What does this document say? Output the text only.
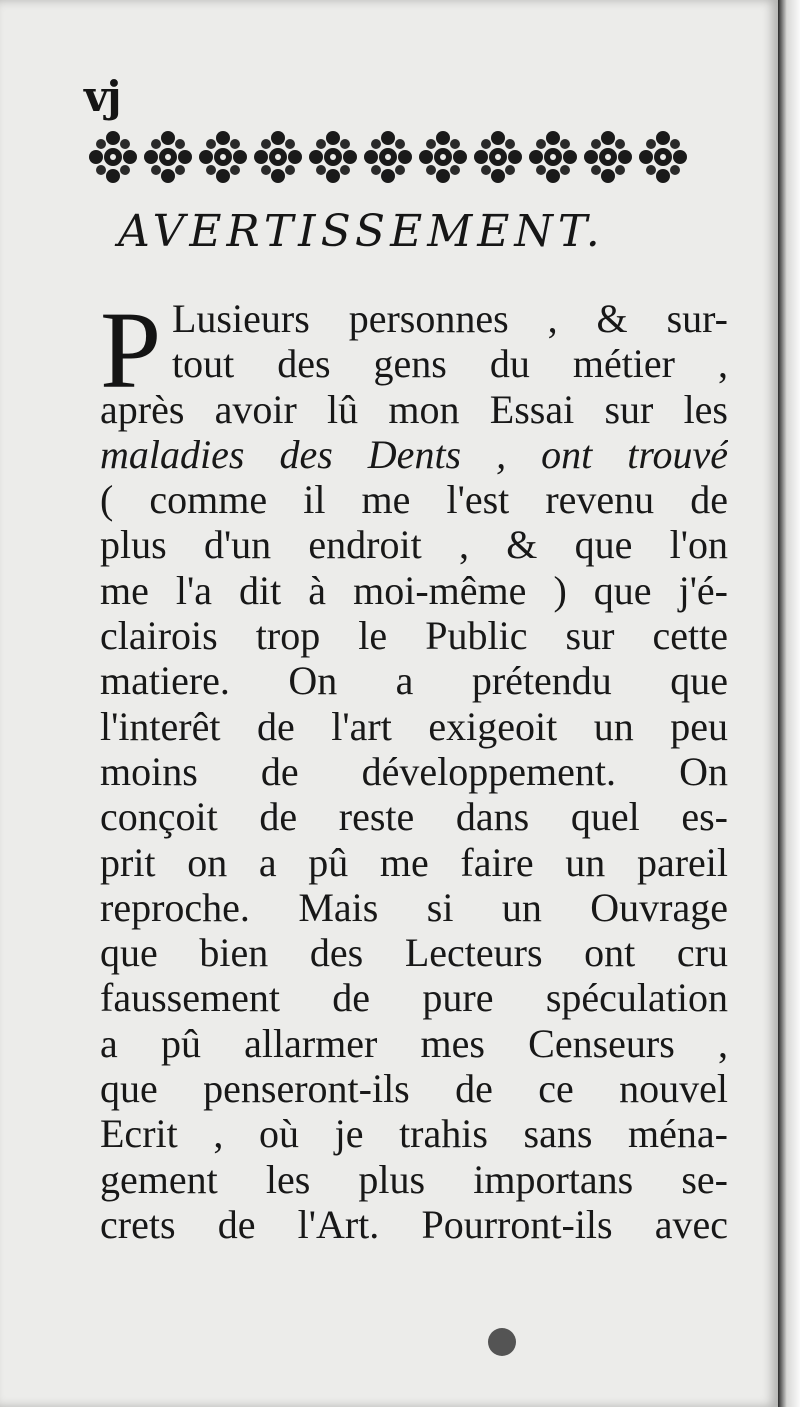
vj
AVERTISSEMENT.
P Lusieurs personnes , & sur-
tout des gens du métier ,
après avoir lû mon Essai sur les
maladies des Dents , ont trouvé
( comme il me l'est revenu de
plus d'un endroit , & que l'on
me l'a dit à moi-même ) que j'é-
clairois trop le Public sur cette
matiere. On a prétendu que
l'interêt de l'art exigeoit un peu
moins de développement. On
conçoit de reste dans quel es-
prit on a pû me faire un pareil
reproche. Mais si un Ouvrage
que bien des Lecteurs ont cru
faussement de pure spéculation
a pû allarmer mes Censeurs ,
que penseront-ils de ce nouvel
Ecrit , où je trahis sans ména-
gement les plus importans se-
crets de l'Art. Pourront-ils avec
